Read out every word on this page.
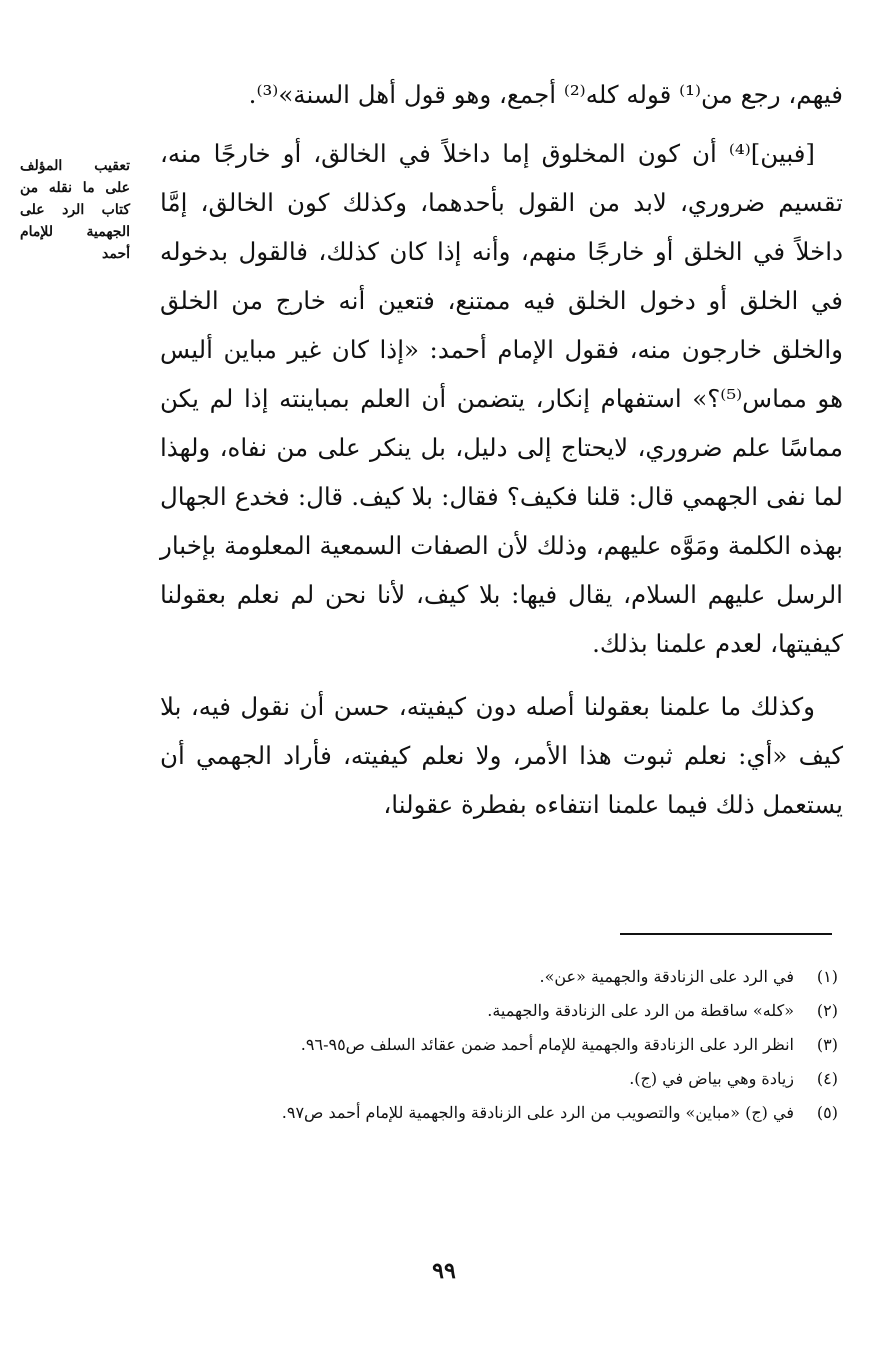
فيهم، رجع من⁽¹⁾ قوله كله⁽²⁾ أجمع، وهو قول أهل السنة»⁽³⁾.

[فبين]⁽⁴⁾ أن كون المخلوق إما داخلاً في الخالق، أو خارجًا منه، تقسيم ضروري، لابد من القول بأحدهما، وكذلك كون الخالق، إمَّا داخلاً في الخلق أو خارجًا منهم، وأنه إذا كان كذلك، فالقول بدخوله في الخلق أو دخول الخلق فيه ممتنع، فتعين أنه خارج من الخلق والخلق خارجون منه، فقول الإمام أحمد: «إذا كان غير مباين أليس هو مماس⁽⁵⁾؟» استفهام إنكار، يتضمن أن العلم بمباينته إذا لم يكن مماسًا علم ضروري، لايحتاج إلى دليل، بل ينكر على من نفاه، ولهذا لما نفى الجهمي قال: قلنا فكيف؟ فقال: بلا كيف. قال: فخدع الجهال بهذه الكلمة ومَوَّه عليهم، وذلك لأن الصفات السمعية المعلومة بإخبار الرسل عليهم السلام، يقال فيها: بلا كيف، لأنا نحن لم نعلم بعقولنا كيفيتها، لعدم علمنا بذلك.

وكذلك ما علمنا بعقولنا أصله دون كيفيته، حسن أن نقول فيه، بلا كيف «أي: نعلم ثبوت هذا الأمر، ولا نعلم كيفيته، فأراد الجهمي أن يستعمل ذلك فيما علمنا انتفاءه بفطرة عقولنا،

تعقيب المؤلف على ما نقله من كتاب الرد على الجهمية للإمام أحمد
(١)
في الرد على الزنادقة والجهمية «عن».
(٢)
«كله» ساقطة من الرد على الزنادقة والجهمية.
(٣)
انظر الرد على الزنادقة والجهمية للإمام أحمد ضمن عقائد السلف ص٩٥-٩٦.
(٤)
زيادة وهي بياض في (ج).
(٥)
في (ج) «مباين» والتصويب من الرد على الزنادقة والجهمية للإمام أحمد ص٩٧.
٩٩
